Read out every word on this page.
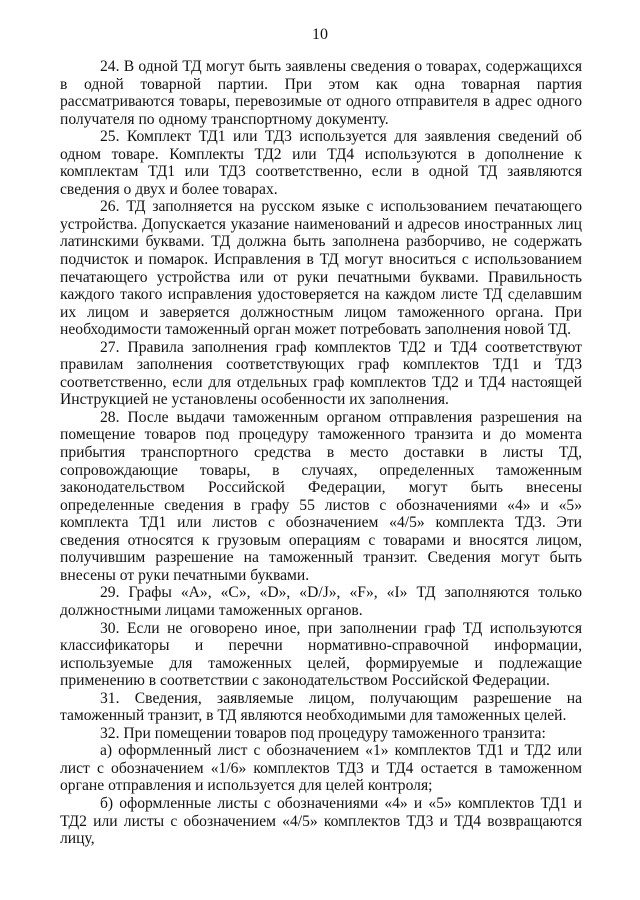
10

24. В одной ТД могут быть заявлены сведения о товарах, содержащихся в одной товарной партии. При этом как одна товарная партия рассматриваются товары, перевозимые от одного отправителя в адрес одного получателя по одному транспортному документу.

25. Комплект ТД1 или ТД3 используется для заявления сведений об одном товаре. Комплекты ТД2 или ТД4 используются в дополнение к комплектам ТД1 или ТД3 соответственно, если в одной ТД заявляются сведения о двух и более товарах.

26. ТД заполняется на русском языке с использованием печатающего устройства. Допускается указание наименований и адресов иностранных лиц латинскими буквами. ТД должна быть заполнена разборчиво, не содержать подчисток и помарок. Исправления в ТД могут вноситься с использованием печатающего устройства или от руки печатными буквами. Правильность каждого такого исправления удостоверяется на каждом листе ТД сделавшим их лицом и заверяется должностным лицом таможенного органа. При необходимости таможенный орган может потребовать заполнения новой ТД.

27. Правила заполнения граф комплектов ТД2 и ТД4 соответствуют правилам заполнения соответствующих граф комплектов ТД1 и ТД3 соответственно, если для отдельных граф комплектов ТД2 и ТД4 настоящей Инструкцией не установлены особенности их заполнения.

28. После выдачи таможенным органом отправления разрешения на помещение товаров под процедуру таможенного транзита и до момента прибытия транспортного средства в место доставки в листы ТД, сопровождающие товары, в случаях, определенных таможенным законодательством Российской Федерации, могут быть внесены определенные сведения в графу 55 листов с обозначениями «4» и «5» комплекта ТД1 или листов с обозначением «4/5» комплекта ТД3. Эти сведения относятся к грузовым операциям с товарами и вносятся лицом, получившим разрешение на таможенный транзит. Сведения могут быть внесены от руки печатными буквами.

29. Графы «А», «С», «D», «D/J», «F», «I» ТД заполняются только должностными лицами таможенных органов.

30. Если не оговорено иное, при заполнении граф ТД используются классификаторы и перечни нормативно-справочной информации, используемые для таможенных целей, формируемые и подлежащие применению в соответствии с законодательством Российской Федерации.

31. Сведения, заявляемые лицом, получающим разрешение на таможенный транзит, в ТД являются необходимыми для таможенных целей.

32. При помещении товаров под процедуру таможенного транзита:

а) оформленный лист с обозначением «1» комплектов ТД1 и ТД2 или лист с обозначением «1/6» комплектов ТД3 и ТД4 остается в таможенном органе отправления и используется для целей контроля;

б) оформленные листы с обозначениями «4» и «5» комплектов ТД1 и ТД2 или листы с обозначением «4/5» комплектов ТД3 и ТД4 возвращаются лицу,
